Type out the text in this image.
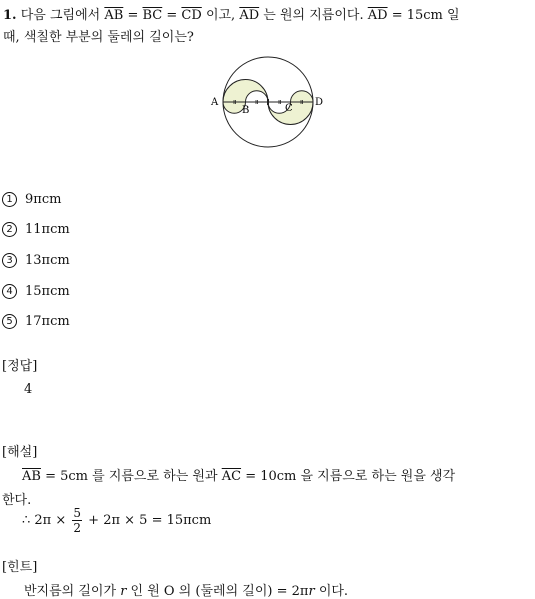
1. 다음 그림에서 $\overline{AB} = \overline{BC} = \overline{CD}$ 이고, $\overline{AD}$ 는 원의 지름이다. $\overline{AD} = 15cm$ 일
때, 색칠한 부분의 둘레의 길이는?
A
B	C
D
1 9πcm
2 11πcm
3 13πcm
4 15πcm
5 17πcm
[정답]
4
[해설]
$\overline{AB} = 5cm$ 를 지름으로 하는 원과 $\overline{AC} = 10cm$ 을 지름으로 하는 원을 생각
한다.
∴ $2\pi \times \frac{5}{2} + 2\pi \times 5 = 15\pi cm$
[힌트]
반지름의 길이가 r 인 원 O 의 (둘레의 길이) = 2πr 이다.
